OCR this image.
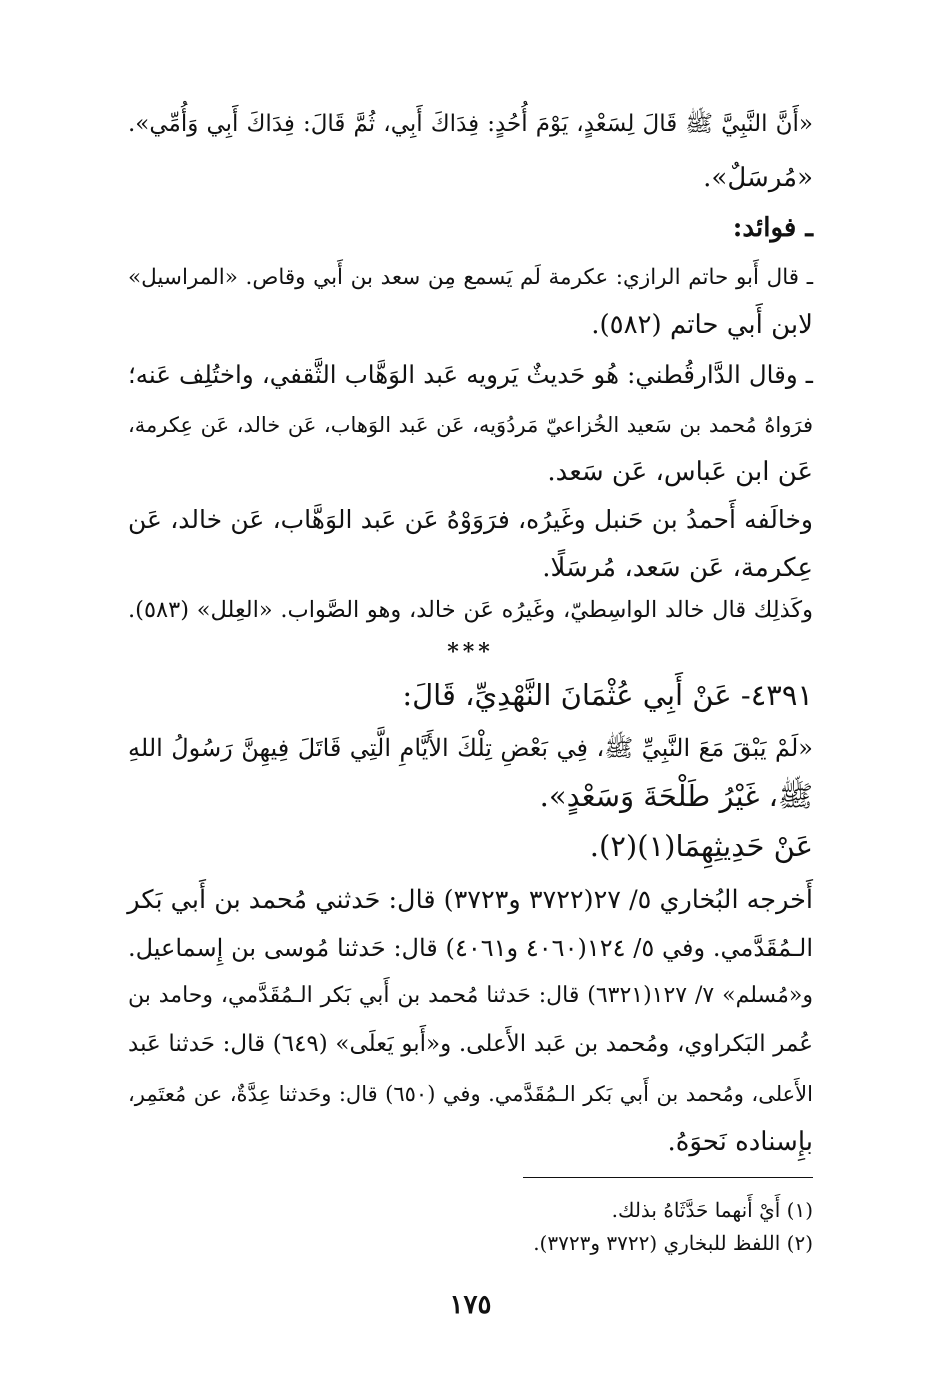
«أَنَّ النَّبِيَّ ﷺ قَالَ لِسَعْدٍ، يَوْمَ أُحُدٍ: فِدَاكَ أَبِي، ثُمَّ قَالَ: فِدَاكَ أَبِي وَأُمِّي».
«مُرسَلٌ».
ـ فوائد:
ـ قال أَبو حاتم الرازي: عكرمة لَم يَسمع مِن سعد بن أَبي وقاص. «المراسيل»
لابن أَبي حاتم (٥٨٢).
ـ وقال الدَّارقُطني: هُو حَديثٌ يَرويه عَبد الوَهَّاب الثَّقفي، واختُلِف عَنه؛
فرَواهُ مُحمد بن سَعيد الخُزاعيّ مَردُوَيه، عَن عَبد الوَهاب، عَن خالد، عَن عِكرمة،
عَن ابن عَباس، عَن سَعد.
وخالَفه أَحمدُ بن حَنبل وغَيرُه، فرَوَوْهُ عَن عَبد الوَهَّاب، عَن خالد، عَن
عِكرمة، عَن سَعد، مُرسَلًا.
وكَذلِك قال خالد الواسِطيّ، وغَيرُه عَن خالد، وهو الصَّواب. «العِلل» (٥٨٣).
***
٤٣٩١- عَنْ أَبِي عُثْمَانَ النَّهْدِيِّ، قَالَ:
«لَمْ يَبْقَ مَعَ النَّبِيِّ ﷺ، فِي بَعْضِ تِلْكَ الأَيَّامِ الَّتِي قَاتَلَ فِيهِنَّ رَسُولُ اللهِ
ﷺ، غَيْرُ طَلْحَةَ وَسَعْدٍ».
عَنْ حَدِيثِهِمَا(١)(٢).
أَخرجه البُخاري ٥/ ٢٧(٣٧٢٢ و٣٧٢٣) قال: حَدثني مُحمد بن أَبي بَكر
الـمُقَدَّمي. وفي ٥/ ١٢٤(٤٠٦٠ و٤٠٦١) قال: حَدثنا مُوسى بن إِسماعيل.
و«مُسلم» ٧/ ١٢٧(٦٣٢١) قال: حَدثنا مُحمد بن أَبي بَكر الـمُقَدَّمي، وحامد بن
عُمر البَكراوي، ومُحمد بن عَبد الأَعلى. و«أَبو يَعلَى» (٦٤٩) قال: حَدثنا عَبد
الأَعلى، ومُحمد بن أَبي بَكر الـمُقَدَّمي. وفي (٦٥٠) قال: وحَدثنا عِدَّةٌ، عن مُعتَمِر،
بإِسناده نَحوَهُ.
(١) أَيْ أَنهما حَدَّثَاهُ بذلك.
(٢) اللفظ للبخاري (٣٧٢٢ و٣٧٢٣).
١٧٥
